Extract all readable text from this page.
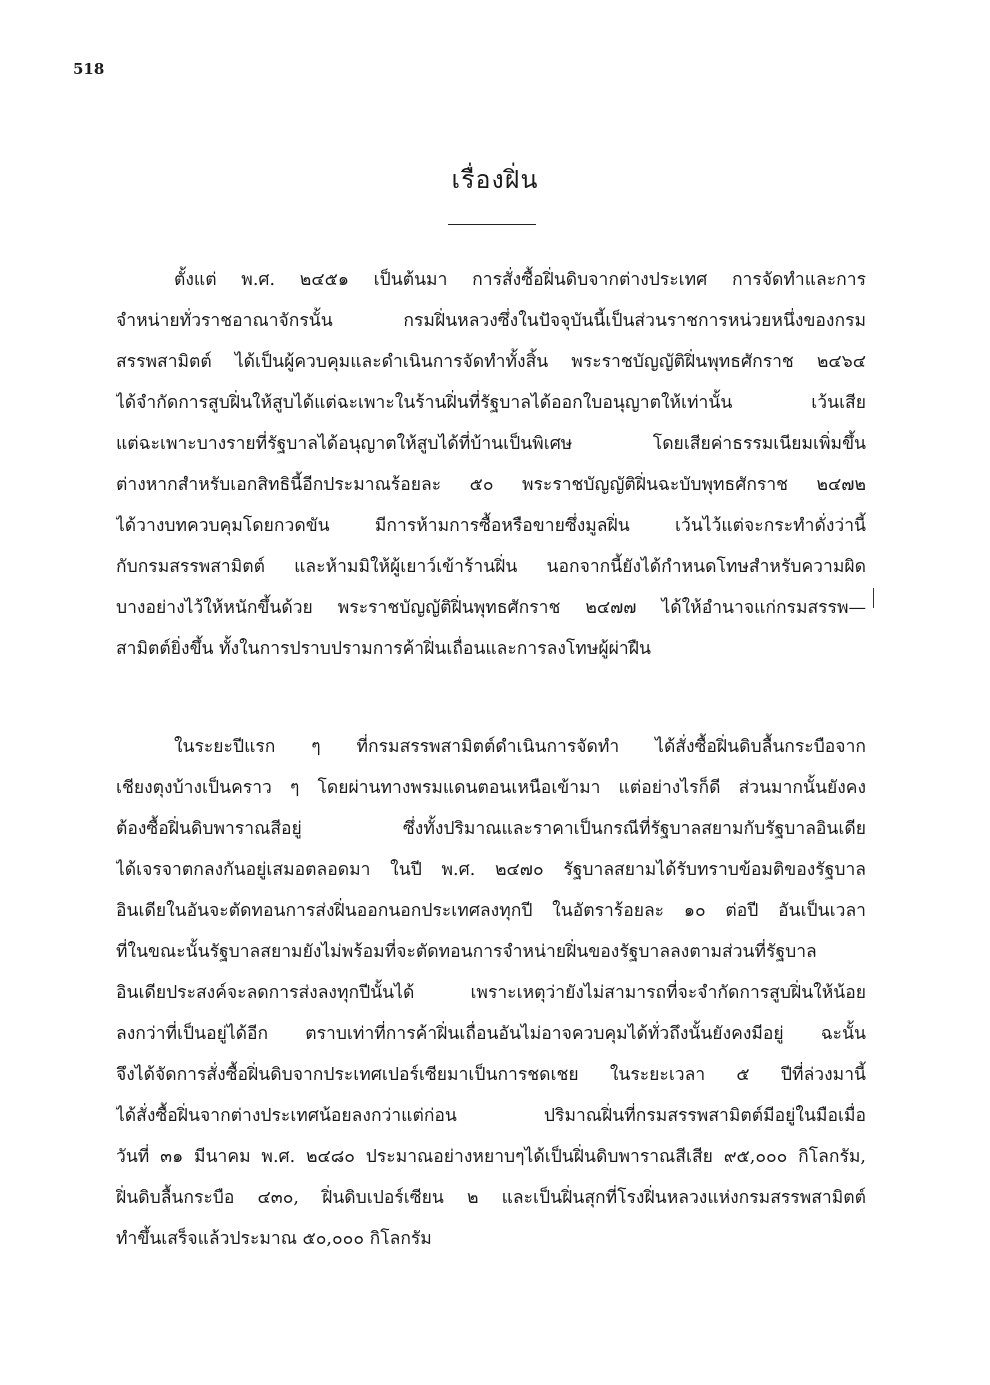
518
เรื่องฝิ่น
ตั้งแต่ พ.ศ. ๒๔๕๑ เป็นต้นมา การสั่งซื้อฝิ่นดิบจากต่างประเทศ การจัดทำและการ
จำหน่ายทั่วราชอาณาจักรนั้น กรมฝิ่นหลวงซึ่งในปัจจุบันนี้เป็นส่วนราชการหน่วยหนึ่งของกรม
สรรพสามิตต์ ได้เป็นผู้ควบคุมและดำเนินการจัดทำทั้งสิ้น พระราชบัญญัติฝิ่นพุทธศักราช ๒๔๖๔
ได้จำกัดการสูบฝิ่นให้สูบได้แต่ฉะเพาะในร้านฝิ่นที่รัฐบาลได้ออกใบอนุญาตให้เท่านั้น เว้นเสีย
แต่ฉะเพาะบางรายที่รัฐบาลได้อนุญาตให้สูบได้ที่บ้านเป็นพิเศษ โดยเสียค่าธรรมเนียมเพิ่มขึ้น
ต่างหากสำหรับเอกสิทธินี้อีกประมาณร้อยละ ๕๐ พระราชบัญญัติฝิ่นฉะบับพุทธศักราช ๒๔๗๒
ได้วางบทควบคุมโดยกวดขัน มีการห้ามการซื้อหรือขายซึ่งมูลฝิ่น เว้นไว้แต่จะกระทำดั่งว่านี้
กับกรมสรรพสามิตต์ และห้ามมิให้ผู้เยาว์เข้าร้านฝิ่น นอกจากนี้ยังได้กำหนดโทษสำหรับความผิด
บางอย่างไว้ให้หนักขึ้นด้วย พระราชบัญญัติฝิ่นพุทธศักราช ๒๔๗๗ ได้ให้อำนาจแก่กรมสรรพ—
สามิตต์ยิ่งขึ้น ทั้งในการปราบปรามการค้าฝิ่นเถื่อนและการลงโทษผู้ผ่าฝืน
ในระยะปีแรก ๆ ที่กรมสรรพสามิตต์ดำเนินการจัดทำ ได้สั่งซื้อฝิ่นดิบลื้นกระบือจาก
เชียงตุงบ้างเป็นคราว ๆ โดยผ่านทางพรมแดนตอนเหนือเข้ามา แต่อย่างไรก็ดี ส่วนมากนั้นยังคง
ต้องซื้อฝิ่นดิบพาราณสีอยู่ ซึ่งทั้งปริมาณและราคาเป็นกรณีที่รัฐบาลสยามกับรัฐบาลอินเดีย
ได้เจรจาตกลงกันอยู่เสมอตลอดมา ในปี พ.ศ. ๒๔๗๐ รัฐบาลสยามได้รับทราบข้อมติของรัฐบาล
อินเดียในอันจะตัดทอนการส่งฝิ่นออกนอกประเทศลงทุกปี ในอัตราร้อยละ ๑๐ ต่อปี อันเป็นเวลา
ที่ในขณะนั้นรัฐบาลสยามยังไม่พร้อมที่จะตัดทอนการจำหน่ายฝิ่นของรัฐบาลลงตามส่วนที่รัฐบาล
อินเดียประสงค์จะลดการส่งลงทุกปีนั้นได้ เพราะเหตุว่ายังไม่สามารถที่จะจำกัดการสูบฝิ่นให้น้อย
ลงกว่าที่เป็นอยู่ได้อีก ตราบเท่าที่การค้าฝิ่นเถื่อนอันไม่อาจควบคุมได้ทั่วถึงนั้นยังคงมีอยู่ ฉะนั้น
จึงได้จัดการสั่งซื้อฝิ่นดิบจากประเทศเปอร์เซียมาเป็นการชดเชย ในระยะเวลา ๕ ปีที่ล่วงมานี้
ได้สั่งซื้อฝิ่นจากต่างประเทศน้อยลงกว่าแต่ก่อน ปริมาณฝิ่นที่กรมสรรพสามิตต์มีอยู่ในมือเมื่อ
วันที่ ๓๑ มีนาคม พ.ศ. ๒๔๘๐ ประมาณอย่างหยาบๆได้เป็นฝิ่นดิบพาราณสีเสีย ๙๕,๐๐๐ กิโลกรัม,
ฝิ่นดิบลื้นกระบือ ๔๓๐, ฝิ่นดิบเปอร์เซียน ๒ และเป็นฝิ่นสุกที่โรงฝิ่นหลวงแห่งกรมสรรพสามิตต์
ทำขึ้นเสร็จแล้วประมาณ ๕๐,๐๐๐ กิโลกรัม
